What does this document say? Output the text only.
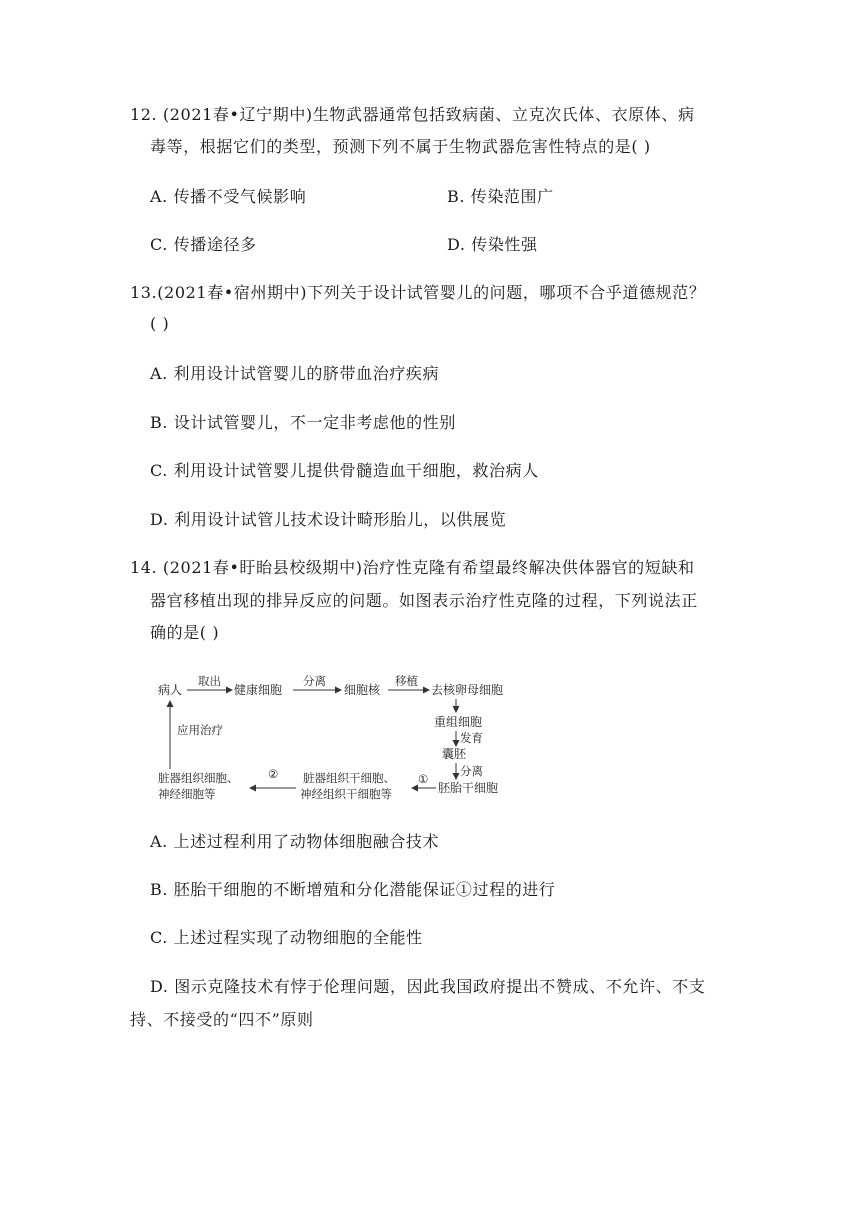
12. (2021春•辽宁期中)生物武器通常包括致病菌、立克次氏体、衣原体、病
毒等，根据它们的类型，预测下列不属于生物武器危害性特点的是( )
A. 传播不受气候影响	B. 传染范围广
C. 传播途径多	D. 传染性强
13.(2021春•宿州期中)下列关于设计试管婴儿的问题，哪项不合乎道德规范？
( )
A. 利用设计试管婴儿的脐带血治疗疾病
B. 设计试管婴儿，不一定非考虑他的性别
C. 利用设计试管婴儿提供骨髓造血干细胞，救治病人
D. 利用设计试管儿技术设计畸形胎儿，以供展览
14. (2021春•盱眙县校级期中)治疗性克隆有希望最终解决供体器官的短缺和
器官移植出现的排异反应的问题。如图表示治疗性克隆的过程，下列说法正
确的是( )
病人
取出
健康细胞
分离
细胞核
移植
去核卵母细胞
重组细胞
发育
囊胚
分离
胚胎干细胞
①
脏器组织干细胞、
神经组织干细胞等
②
脏器组织细胞、
神经细胞等
应用治疗
A. 上述过程利用了动物体细胞融合技术
B. 胚胎干细胞的不断增殖和分化潜能保证①过程的进行
C. 上述过程实现了动物细胞的全能性
D. 图示克隆技术有悖于伦理问题，因此我国政府提出不赞成、不允许、不支
持、不接受的“四不”原则
